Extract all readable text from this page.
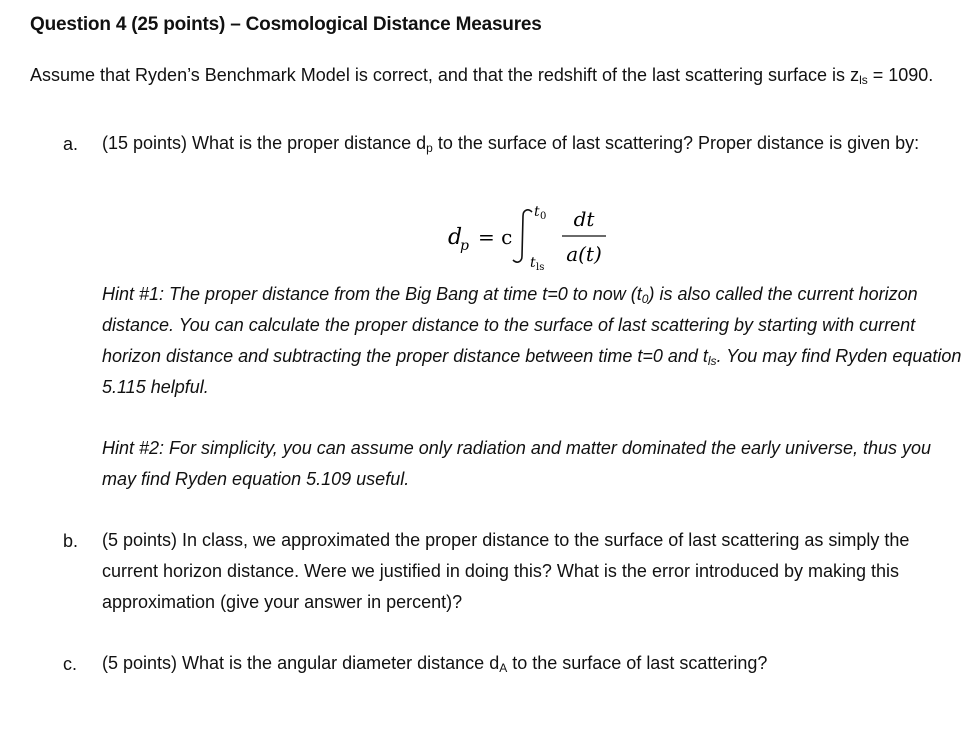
Question 4 (25 points) – Cosmological Distance Measures
Assume that Ryden’s Benchmark Model is correct, and that the redshift of the last scattering surface is $z_{ls} = 1090$.
a. (15 points) What is the proper distance $d_p$ to the surface of last scattering? Proper distance is given by:
d
p = c
t 0
t ls
dt
a(t)
Hint #1: The proper distance from the Big Bang at time t=0 to now $(t_0)$ is also called the current horizon distance. You can calculate the proper distance to the surface of last scattering by starting with current horizon distance and subtracting the proper distance between time t=0 and $t_{ls}$. You may find Ryden equation 5.115 helpful.
Hint #2: For simplicity, you can assume only radiation and matter dominated the early universe, thus you may find Ryden equation 5.109 useful.
b. (5 points) In class, we approximated the proper distance to the surface of last scattering as simply the current horizon distance. Were we justified in doing this? What is the error introduced by making this approximation (give your answer in percent)?
c. (5 points) What is the angular diameter distance $d_A$ to the surface of last scattering?
